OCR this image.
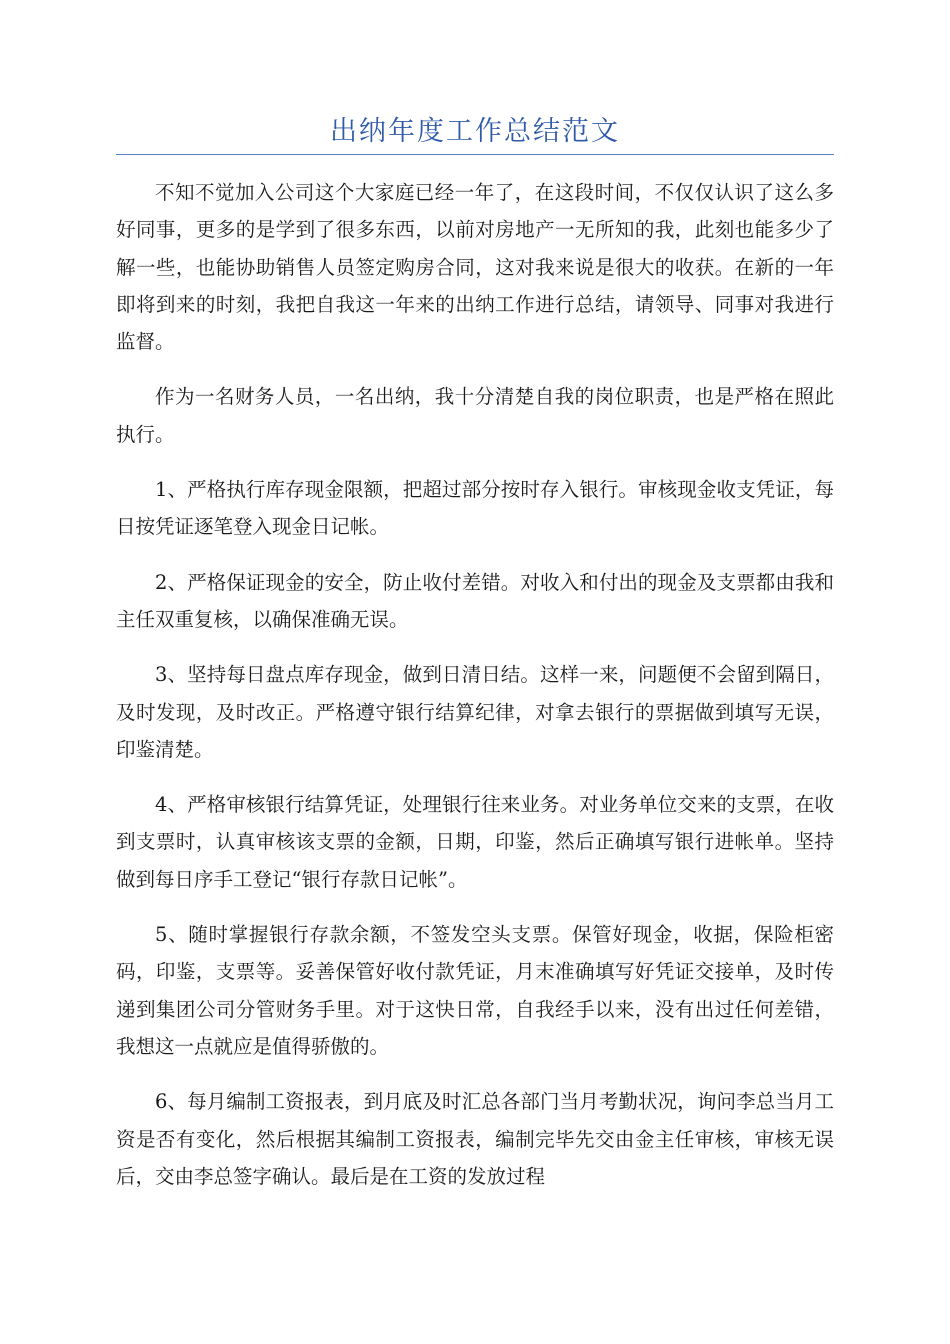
出纳年度工作总结范文

不知不觉加入公司这个大家庭已经一年了，在这段时间，不仅仅认识了这么多好同事，更多的是学到了很多东西，以前对房地产一无所知的我，此刻也能多少了解一些，也能协助销售人员签定购房合同，这对我来说是很大的收获。在新的一年即将到来的时刻，我把自我这一年来的出纳工作进行总结，请领导、同事对我进行监督。

作为一名财务人员，一名出纳，我十分清楚自我的岗位职责，也是严格在照此执行。

1、严格执行库存现金限额，把超过部分按时存入银行。审核现金收支凭证，每日按凭证逐笔登入现金日记帐。

2、严格保证现金的安全，防止收付差错。对收入和付出的现金及支票都由我和主任双重复核，以确保准确无误。

3、坚持每日盘点库存现金，做到日清日结。这样一来，问题便不会留到隔日，及时发现，及时改正。严格遵守银行结算纪律，对拿去银行的票据做到填写无误，印鉴清楚。

4、严格审核银行结算凭证，处理银行往来业务。对业务单位交来的支票，在收到支票时，认真审核该支票的金额，日期，印鉴，然后正确填写银行进帐单。坚持做到每日序手工登记“银行存款日记帐”。

5、随时掌握银行存款余额，不签发空头支票。保管好现金，收据，保险柜密码，印鉴，支票等。妥善保管好收付款凭证，月末准确填写好凭证交接单，及时传递到集团公司分管财务手里。对于这快日常，自我经手以来，没有出过任何差错，我想这一点就应是值得骄傲的。

6、每月编制工资报表，到月底及时汇总各部门当月考勤状况，询问李总当月工资是否有变化，然后根据其编制工资报表，编制完毕先交由金主任审核，审核无误后，交由李总签字确认。最后是在工资的发放过程
